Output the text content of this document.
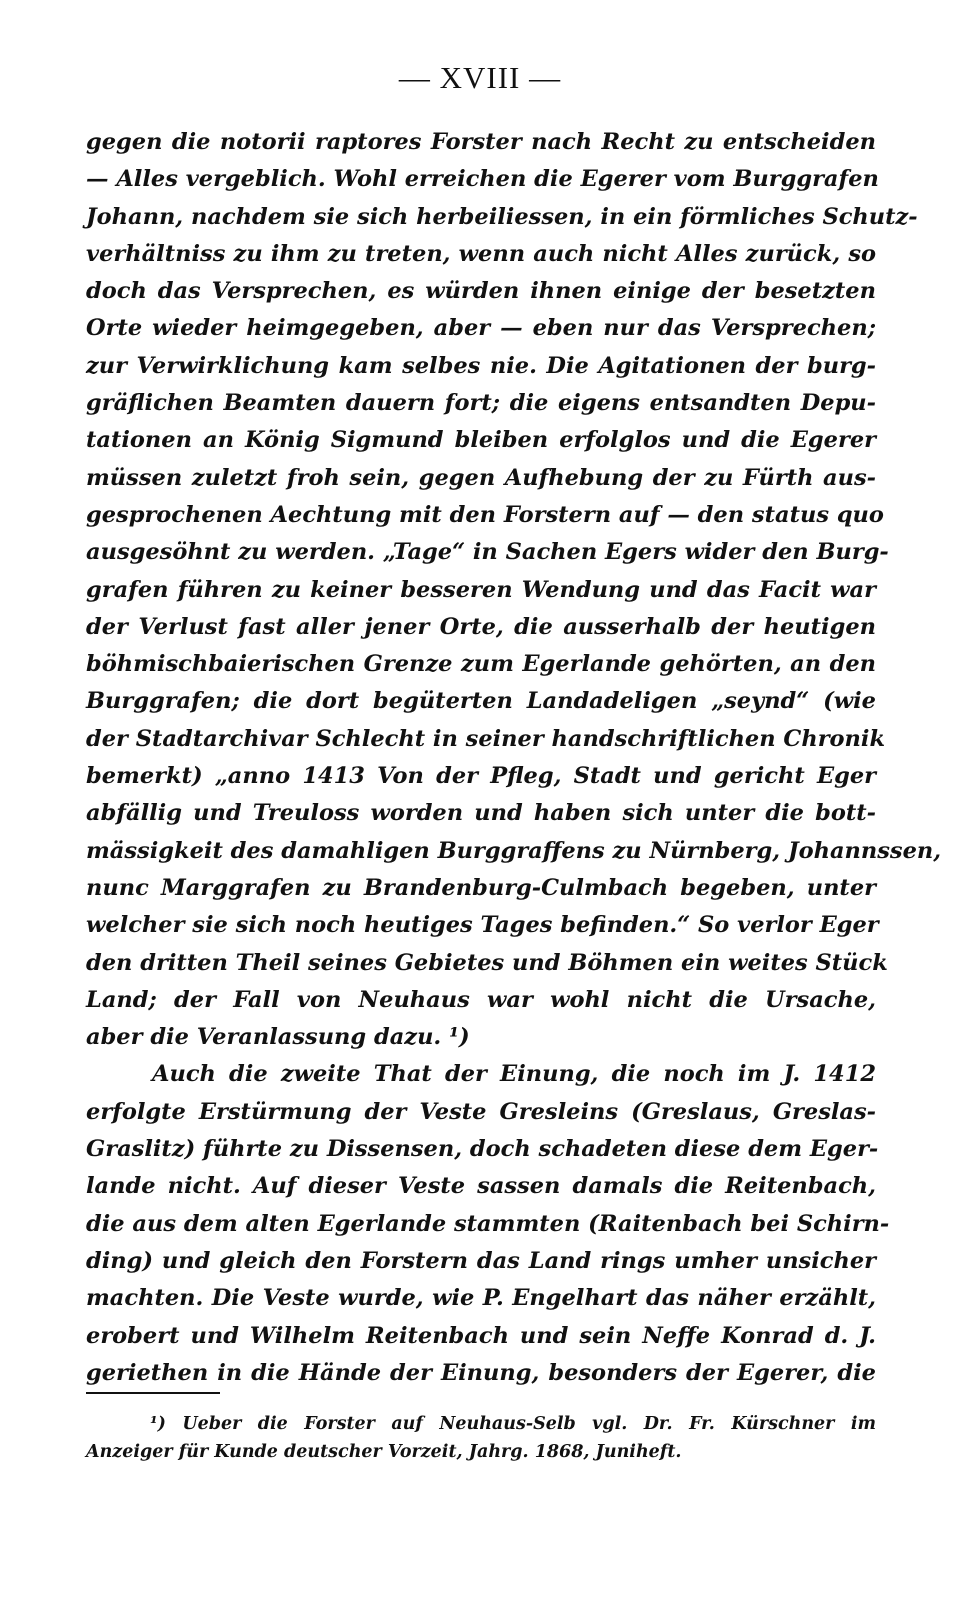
— XVIII —
gegen die notorii raptores Forster nach Recht zu entscheiden
— Alles vergeblich. Wohl erreichen die Egerer vom Burggrafen
Johann, nachdem sie sich herbeiliessen, in ein förmliches Schutz-
verhältniss zu ihm zu treten, wenn auch nicht Alles zurück, so
doch das Versprechen, es würden ihnen einige der besetzten
Orte wieder heimgegeben, aber — eben nur das Versprechen;
zur Verwirklichung kam selbes nie. Die Agitationen der burg-
gräflichen Beamten dauern fort; die eigens entsandten Depu-
tationen an König Sigmund bleiben erfolglos und die Egerer
müssen zuletzt froh sein, gegen Aufhebung der zu Fürth aus-
gesprochenen Aechtung mit den Forstern auf — den status quo
ausgesöhnt zu werden. „Tage“ in Sachen Egers wider den Burg-
grafen führen zu keiner besseren Wendung und das Facit war
der Verlust fast aller jener Orte, die ausserhalb der heutigen
böhmischbaierischen Grenze zum Egerlande gehörten, an den
Burggrafen; die dort begüterten Landadeligen „seynd“ (wie
der Stadtarchivar Schlecht in seiner handschriftlichen Chronik
bemerkt) „anno 1413 Von der Pfleg, Stadt und gericht Eger
abfällig und Treuloss worden und haben sich unter die bott-
mässigkeit des damahligen Burggraffens zu Nürnberg, Johannssen,
nunc Marggrafen zu Brandenburg-Culmbach begeben, unter
welcher sie sich noch heutiges Tages befinden.“ So verlor Eger
den dritten Theil seines Gebietes und Böhmen ein weites Stück
Land; der Fall von Neuhaus war wohl nicht die Ursache,
aber die Veranlassung dazu. ¹)
Auch die zweite That der Einung, die noch im J. 1412
erfolgte Erstürmung der Veste Gresleins (Greslaus, Greslas-
Graslitz) führte zu Dissensen, doch schadeten diese dem Eger-
lande nicht. Auf dieser Veste sassen damals die Reitenbach,
die aus dem alten Egerlande stammten (Raitenbach bei Schirn-
ding) und gleich den Forstern das Land rings umher unsicher
machten. Die Veste wurde, wie P. Engelhart das näher erzählt,
erobert und Wilhelm Reitenbach und sein Neffe Konrad d. J.
geriethen in die Hände der Einung, besonders der Egerer, die
¹) Ueber die Forster auf Neuhaus-Selb vgl. Dr. Fr. Kürschner im
Anzeiger für Kunde deutscher Vorzeit, Jahrg. 1868, Juniheft.
